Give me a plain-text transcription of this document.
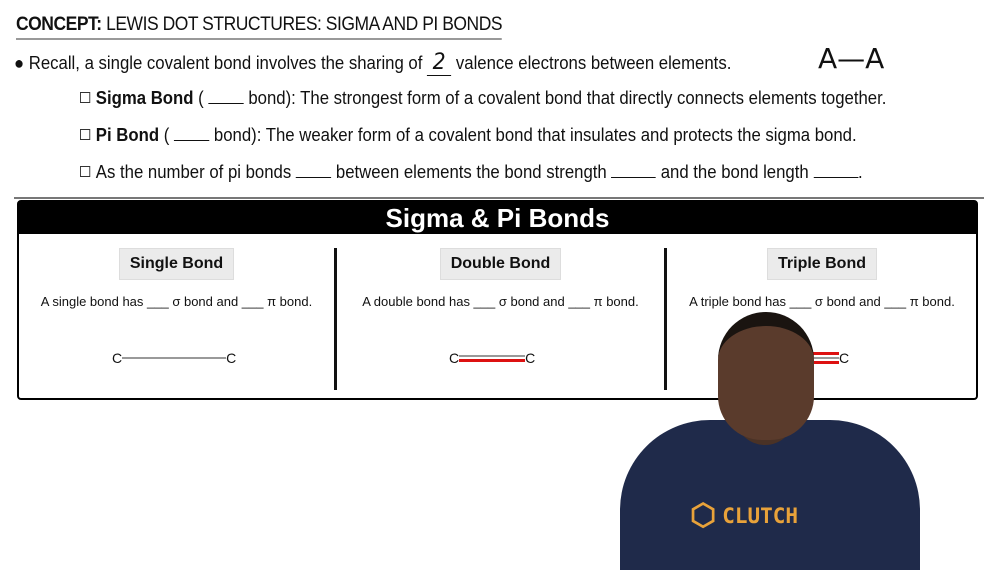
CONCEPT: LEWIS DOT STRUCTURES: SIGMA AND PI BONDS
● Recall, a single covalent bond involves the sharing of 2 valence electrons between elements.	A—A
Sigma Bond (  bond): The strongest form of a covalent bond that directly connects elements together.
Pi Bond (  bond): The weaker form of a covalent bond that insulates and protects the sigma bond.
As the number of pi bonds between elements the bond strength	and the bond length	.
Sigma & Pi Bonds
Single Bond
A single bond has ___ σ bond and ___ π bond.
Double Bond
A double bond has ___ σ bond and ___ π bond.
Triple Bond
A triple bond has ___ σ bond and ___ π bond.
C	C	C	C	C
⬡ CLUTCH
